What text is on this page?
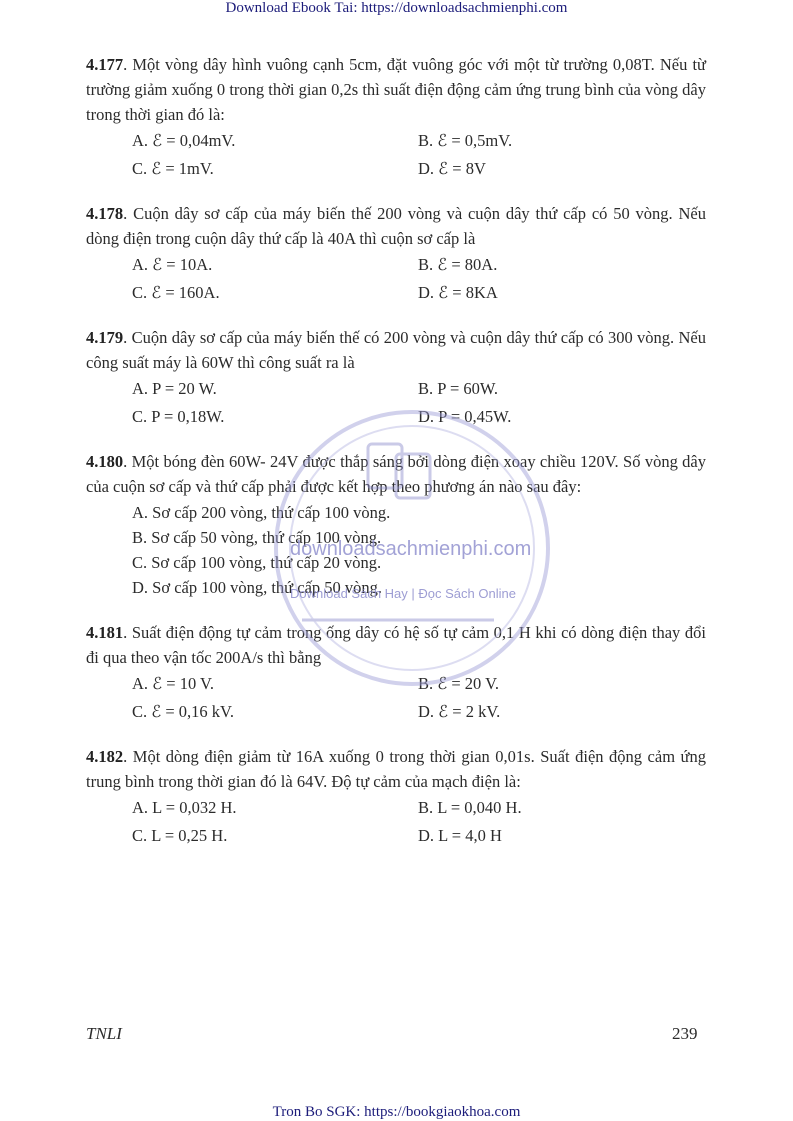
Download Ebook Tai: https://downloadsachmienphi.com

4.177. Một vòng dây hình vuông cạnh 5cm, đặt vuông góc với một từ trường 0,08T. Nếu từ trường giảm xuống 0 trong thời gian 0,2s thì suất điện động cảm ứng trung bình của vòng dây trong thời gian đó là:

A. ℰ = 0,04mV.	B. ℰ = 0,5mV.
C. ℰ = 1mV.	D. ℰ = 8V

4.178. Cuộn dây sơ cấp của máy biến thế 200 vòng và cuộn dây thứ cấp có 50 vòng. Nếu dòng điện trong cuộn dây thứ cấp là 40A thì cuộn sơ cấp là

A. ℰ = 10A.	B. ℰ = 80A.
C. ℰ = 160A.	D. ℰ = 8KA

4.179. Cuộn dây sơ cấp của máy biến thế có 200 vòng và cuộn dây thứ cấp có 300 vòng. Nếu công suất máy là 60W thì công suất ra là

A. P = 20 W.	B. P = 60W.
C. P = 0,18W.	D. P = 0,45W.

4.180. Một bóng đèn 60W- 24V được thắp sáng bởi dòng điện xoay chiều 120V. Số vòng dây của cuộn sơ cấp và thứ cấp phải được kết hợp theo phương án nào sau đây:

A. Sơ cấp 200 vòng, thứ cấp 100 vòng.
B. Sơ cấp 50 vòng, thứ cấp 100 vòng.
C. Sơ cấp 100 vòng, thứ cấp 20 vòng.
D. Sơ cấp 100 vòng, thứ cấp 50 vòng.

4.181. Suất điện động tự cảm trong ống dây có hệ số tự cảm 0,1 H khi có dòng điện thay đổi đi qua theo vận tốc 200A/s thì bằng

A. ℰ = 10 V.	B. ℰ = 20 V.
C. ℰ = 0,16 kV.	D. ℰ = 2 kV.

4.182. Một dòng điện giảm từ 16A xuống 0 trong thời gian 0,01s. Suất điện động cảm ứng trung bình trong thời gian đó là 64V. Độ tự cảm của mạch điện là:

A. L = 0,032 H.	B. L = 0,040 H.
C. L = 0,25 H.	D. L = 4,0 H
downloadsachmienphi.com
Download Sách Hay | Đọc Sách Online
TNLI	239
Tron Bo SGK: https://bookgiaokhoa.com
